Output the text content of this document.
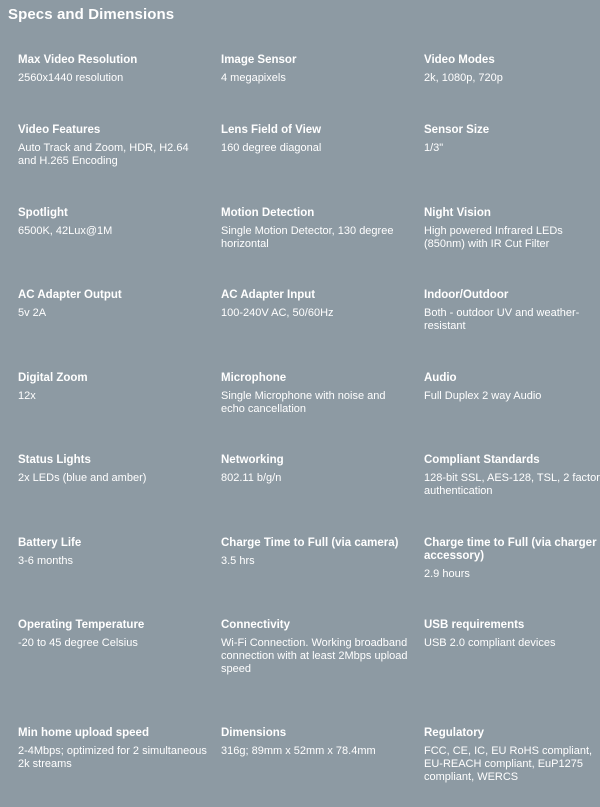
Specs and Dimensions
Max Video Resolution
2560x1440 resolution
Image Sensor
4 megapixels
Video Modes
2k, 1080p, 720p
Video Features
Auto Track and Zoom, HDR, H2.64 and H.265 Encoding
Lens Field of View
160 degree diagonal
Sensor Size
1/3"
Spotlight
6500K, 42Lux@1M
Motion Detection
Single Motion Detector, 130 degree horizontal
Night Vision
High powered Infrared LEDs (850nm) with IR Cut Filter
AC Adapter Output
5v 2A
AC Adapter Input
100-240V AC, 50/60Hz
Indoor/Outdoor
Both - outdoor UV and weather-resistant
Digital Zoom
12x
Microphone
Single Microphone with noise and echo cancellation
Audio
Full Duplex 2 way Audio
Status Lights
2x LEDs (blue and amber)
Networking
802.11 b/g/n
Compliant Standards
128-bit SSL, AES-128, TSL, 2 factor authentication
Battery Life
3-6 months
Charge Time to Full (via camera)
3.5 hrs
Charge time to Full (via charger accessory)
2.9 hours
Operating Temperature
-20 to 45 degree Celsius
Connectivity
Wi-Fi Connection. Working broadband connection with at least 2Mbps upload speed
USB requirements
USB 2.0 compliant devices
Min home upload speed
2-4Mbps; optimized for 2 simultaneous 2k streams
Dimensions
316g; 89mm x 52mm x 78.4mm
Regulatory
FCC, CE, IC, EU RoHS compliant, EU-REACH compliant, EuP1275 compliant, WERCS
